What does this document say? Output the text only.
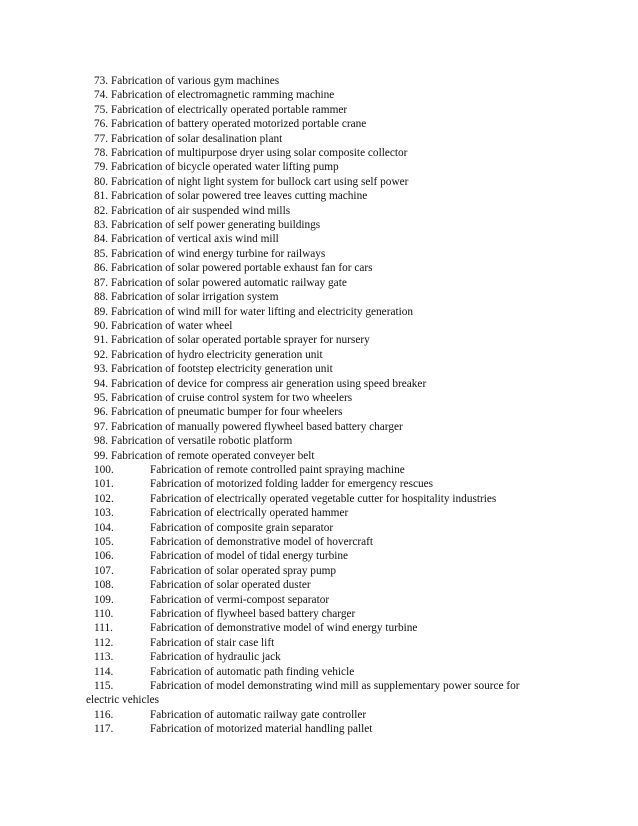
73. Fabrication of various gym machines
74. Fabrication of electromagnetic ramming machine
75. Fabrication of electrically operated portable rammer
76. Fabrication of battery operated motorized portable crane
77. Fabrication of solar desalination plant
78. Fabrication of multipurpose dryer using solar composite collector
79. Fabrication of bicycle operated water lifting pump
80. Fabrication of night light system for bullock cart using self power
81. Fabrication of solar powered tree leaves cutting machine
82. Fabrication of air suspended wind mills
83. Fabrication of self power generating buildings
84. Fabrication of vertical axis wind mill
85. Fabrication of wind energy turbine for railways
86. Fabrication of solar powered portable exhaust fan for cars
87. Fabrication of solar powered automatic railway gate
88. Fabrication of solar irrigation system
89. Fabrication of wind mill for water lifting and electricity generation
90. Fabrication of water wheel
91. Fabrication of solar operated portable sprayer for nursery
92. Fabrication of hydro electricity generation unit
93. Fabrication of footstep electricity generation unit
94. Fabrication of device for compress air generation using speed breaker
95. Fabrication of cruise control system for two wheelers
96. Fabrication of pneumatic bumper for four wheelers
97. Fabrication of manually powered flywheel based battery charger
98. Fabrication of versatile robotic platform
99. Fabrication of remote operated conveyer belt
100.	Fabrication of remote controlled paint spraying machine
101.	Fabrication of motorized folding ladder for emergency rescues
102.	Fabrication of electrically operated vegetable cutter for hospitality industries
103.	Fabrication of electrically operated hammer
104.	Fabrication of composite grain separator
105.	Fabrication of demonstrative model of hovercraft
106.	Fabrication of model of tidal energy turbine
107.	Fabrication of solar operated spray pump
108.	Fabrication of solar operated duster
109.	Fabrication of vermi-compost separator
110.	Fabrication of flywheel based battery charger
111.	Fabrication of demonstrative model of wind energy turbine
112.	Fabrication of stair case lift
113.	Fabrication of hydraulic jack
114.	Fabrication of automatic path finding vehicle
115.	Fabrication of model demonstrating wind mill as supplementary power source for
electric vehicles
116.	Fabrication of automatic railway gate controller
117.	Fabrication of motorized material handling pallet
